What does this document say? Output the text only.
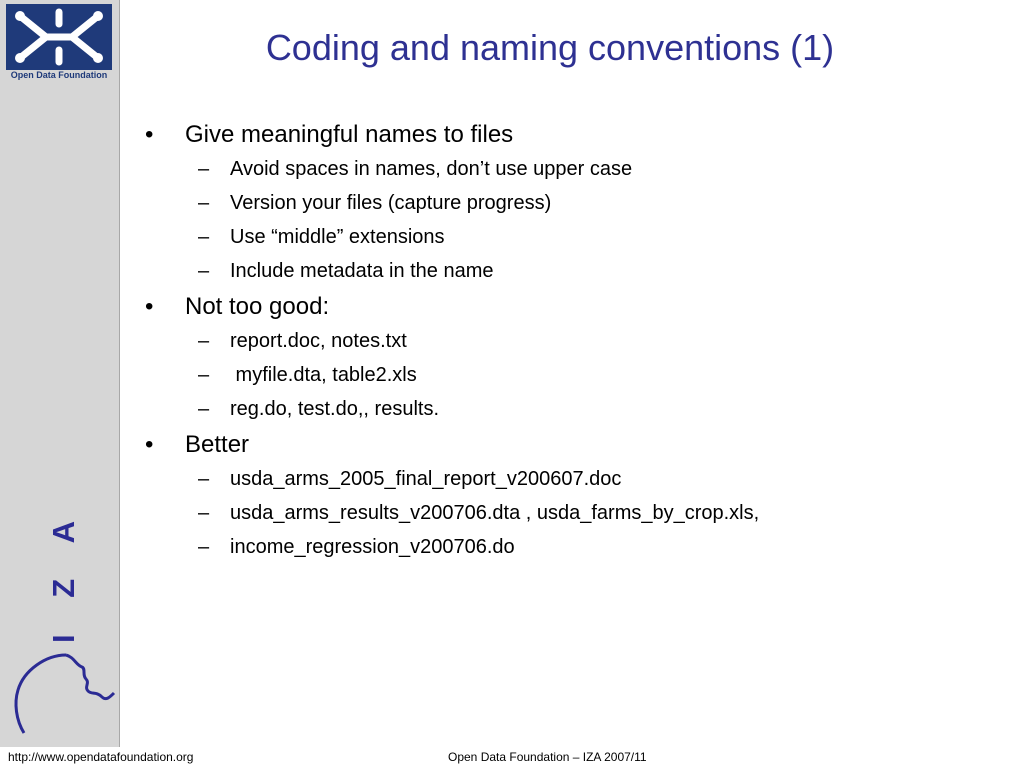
Open Data Foundation
I Z A
Coding and naming conventions (1)
•	Give meaningful names to files
–	Avoid spaces in names, don’t use upper case
–	Version your files (capture progress)
–	Use “middle” extensions
–	Include metadata in the name
•	Not too good:
–	report.doc, notes.txt
–	myfile.dta, table2.xls
–	reg.do, test.do,, results.
•	Better
–	usda_arms_2005_final_report_v200607.doc
–	usda_arms_results_v200706.dta , usda_farms_by_crop.xls,
–	income_regression_v200706.do
http://www.opendatafoundation.org	Open Data Foundation – IZA 2007/11
